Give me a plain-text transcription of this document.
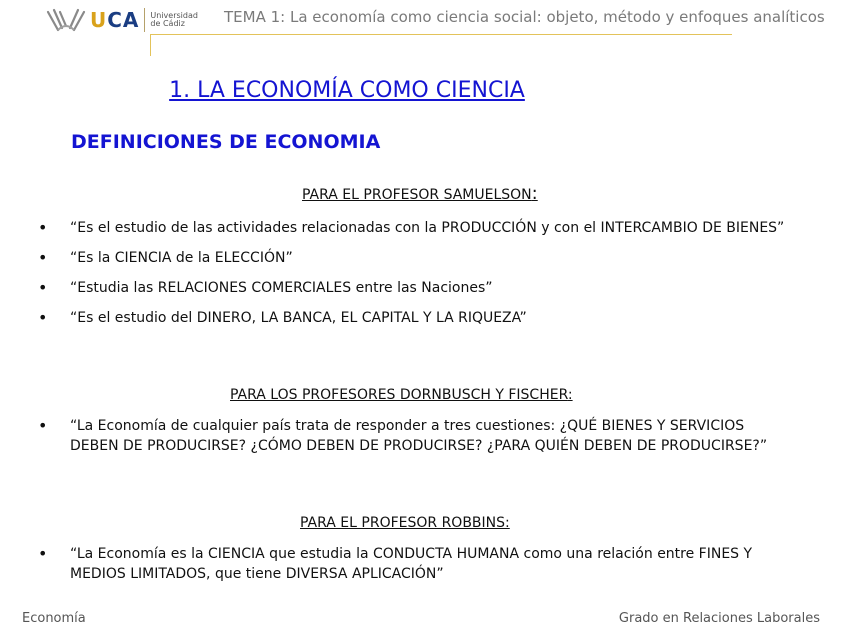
UCA Universidad
de Cádiz	TEMA 1: La economía como ciencia social: objeto, método y enfoques analíticos
1. LA ECONOMÍA COMO CIENCIA
DEFINICIONES DE ECONOMIA
PARA EL PROFESOR SAMUELSON:
• “Es el estudio de las actividades relacionadas con la PRODUCCIÓN y con el INTERCAMBIO DE BIENES”
• “Es la CIENCIA de la ELECCIÓN”
• “Estudia las RELACIONES COMERCIALES entre las Naciones”
• “Es el estudio del DINERO, LA BANCA, EL CAPITAL Y LA RIQUEZA”
PARA LOS PROFESORES DORNBUSCH Y FISCHER:
• “La Economía de cualquier país trata de responder a tres cuestiones: ¿QUÉ BIENES Y SERVICIOS DEBEN DE PRODUCIRSE? ¿CÓMO DEBEN DE PRODUCIRSE? ¿PARA QUIÉN DEBEN DE PRODUCIRSE?”
PARA EL PROFESOR ROBBINS:
• “La Economía es la CIENCIA que estudia la CONDUCTA HUMANA como una relación entre FINES Y MEDIOS LIMITADOS, que tiene DIVERSA APLICACIÓN”
Economía	Grado en Relaciones Laborales
